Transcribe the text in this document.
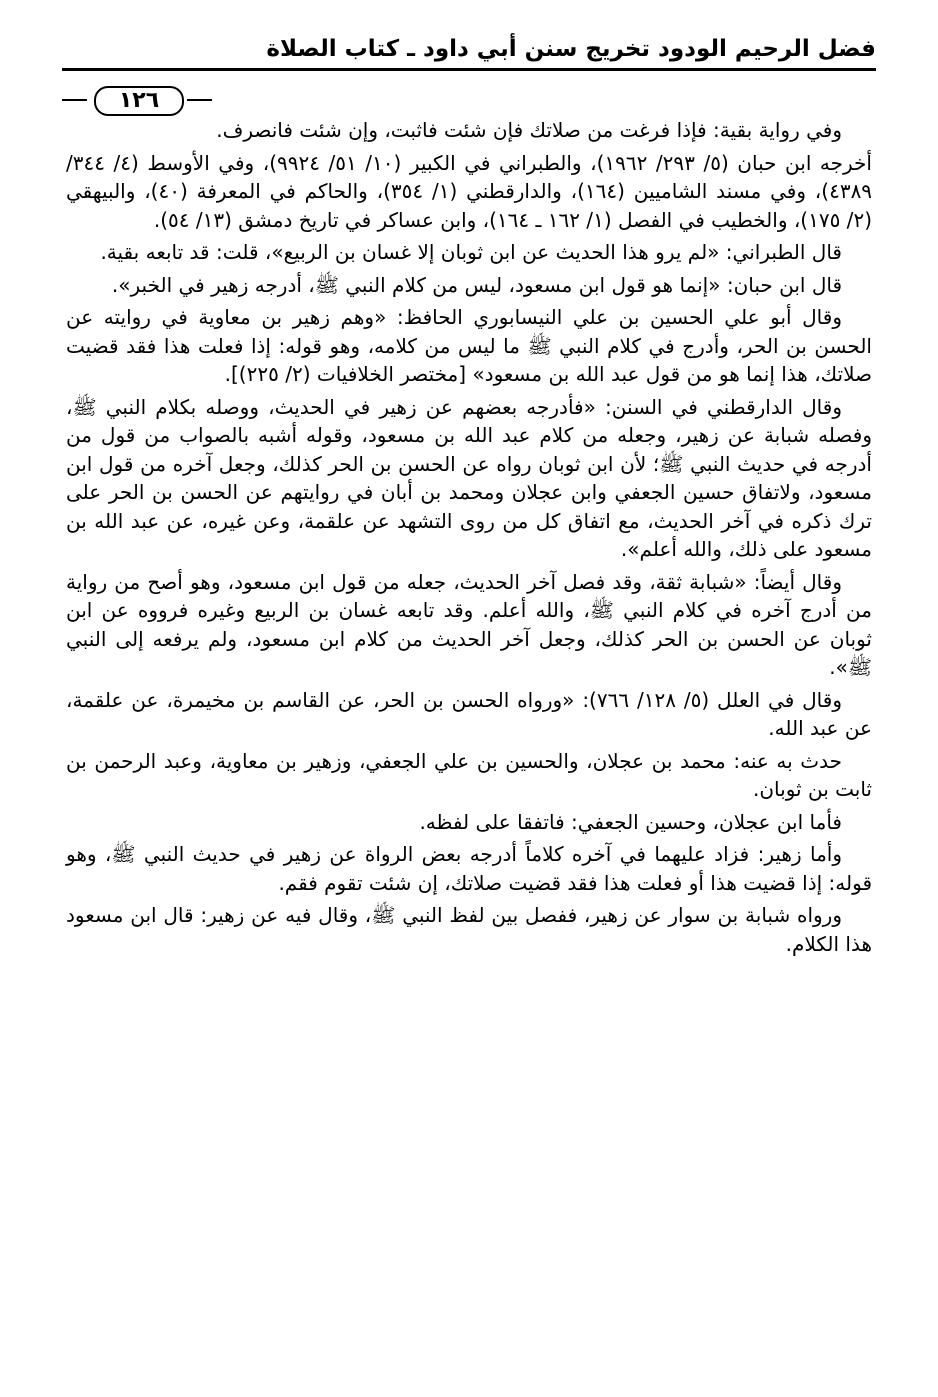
فضل الرحيم الودود تخريج سنن أبي داود ـ كتاب الصلاة
١٢٦

وفي رواية بقية: فإذا فرغت من صلاتك فإن شئت فاثبت، وإن شئت فانصرف.

أخرجه ابن حبان (٥/ ٢٩٣/ ١٩٦٢)، والطبراني في الكبير (١٠/ ٥١/ ٩٩٢٤)، وفي الأوسط (٤/ ٣٤٤/ ٤٣٨٩)، وفي مسند الشاميين (١٦٤)، والدارقطني (١/ ٣٥٤)، والحاكم في المعرفة (٤٠)، والبيهقي (٢/ ١٧٥)، والخطيب في الفصل (١/ ١٦٢ ـ ١٦٤)، وابن عساكر في تاريخ دمشق (١٣/ ٥٤).

قال الطبراني: «لم يرو هذا الحديث عن ابن ثوبان إلا غسان بن الربيع»، قلت: قد تابعه بقية.

قال ابن حبان: «إنما هو قول ابن مسعود، ليس من كلام النبي ﷺ، أدرجه زهير في الخبر».

وقال أبو علي الحسين بن علي النيسابوري الحافظ: «وهم زهير بن معاوية في روايته عن الحسن بن الحر، وأدرج في كلام النبي ﷺ ما ليس من كلامه، وهو قوله: إذا فعلت هذا فقد قضيت صلاتك، هذا إنما هو من قول عبد الله بن مسعود» [مختصر الخلافيات (٢/ ٢٢٥)].

وقال الدارقطني في السنن: «فأدرجه بعضهم عن زهير في الحديث، ووصله بكلام النبي ﷺ، وفصله شبابة عن زهير، وجعله من كلام عبد الله بن مسعود، وقوله أشبه بالصواب من قول من أدرجه في حديث النبي ﷺ؛ لأن ابن ثوبان رواه عن الحسن بن الحر كذلك، وجعل آخره من قول ابن مسعود، ولاتفاق حسين الجعفي وابن عجلان ومحمد بن أبان في روايتهم عن الحسن بن الحر على ترك ذكره في آخر الحديث، مع اتفاق كل من روى التشهد عن علقمة، وعن غيره، عن عبد الله بن مسعود على ذلك، والله أعلم».

وقال أيضاً: «شبابة ثقة، وقد فصل آخر الحديث، جعله من قول ابن مسعود، وهو أصح من رواية من أدرج آخره في كلام النبي ﷺ، والله أعلم. وقد تابعه غسان بن الربيع وغيره فرووه عن ابن ثوبان عن الحسن بن الحر كذلك، وجعل آخر الحديث من كلام ابن مسعود، ولم يرفعه إلى النبي ﷺ».

وقال في العلل (٥/ ١٢٨/ ٧٦٦): «ورواه الحسن بن الحر، عن القاسم بن مخيمرة، عن علقمة، عن عبد الله.

حدث به عنه: محمد بن عجلان، والحسين بن علي الجعفي، وزهير بن معاوية، وعبد الرحمن بن ثابت بن ثوبان.

فأما ابن عجلان، وحسين الجعفي: فاتفقا على لفظه.

وأما زهير: فزاد عليهما في آخره كلاماً أدرجه بعض الرواة عن زهير في حديث النبي ﷺ، وهو قوله: إذا قضيت هذا أو فعلت هذا فقد قضيت صلاتك، إن شئت تقوم فقم.

ورواه شبابة بن سوار عن زهير، ففصل بين لفظ النبي ﷺ، وقال فيه عن زهير: قال ابن مسعود هذا الكلام.
